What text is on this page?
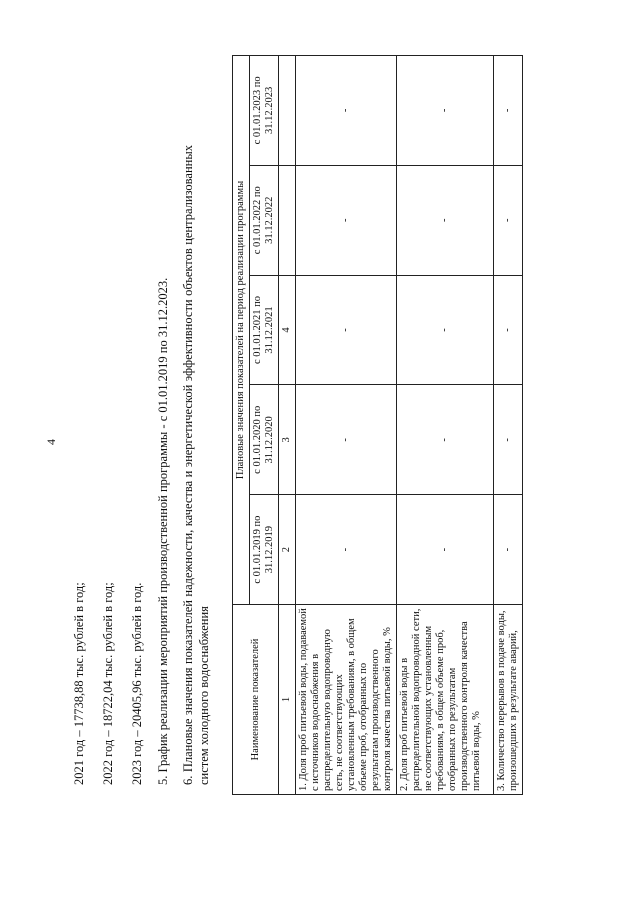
4
2021 год – 17738,88 тыс. рублей в год; 2022 год – 18722,04 тыс. рублей в год; 2023 год – 20405,96 тыс. рублей в год. 5. График реализации мероприятий производственной программы - с 01.01.2019 по 31.12.2023. 6. Плановые значения показателей надежности, качества и энергетической эффективности объектов централизованных систем холодного водоснабжения	Наименование показателей	Плановые значения показателей на период реализации программы				
	с 01.01.2019 по 31.12.2019	с 01.01.2020 по 31.12.2020	с 01.01.2021 по 31.12.2021	с 01.01.2022 по 31.12.2022	с 01.01.2023 по 31.12.2023
1	2	3	4		
1. Доля проб питьевой воды, подаваемой с источников водоснабжения в распределительную водопроводную сеть, не соответствующих установленным требованиям, в общем объеме проб, отобранных по результатам производственного контроля качества питьевой воды, %	-	-	-	-	-
2. Доля проб питьевой воды в распределительной водопроводной сети, не соответствующих установленным требованиям, в общем объеме проб, отобранных по результатам производственного контроля качества питьевой воды, %	-	-	-	-	-
3. Количество перерывов в подаче воды, произошедших в результате аварий,	-	-	-	-	-
